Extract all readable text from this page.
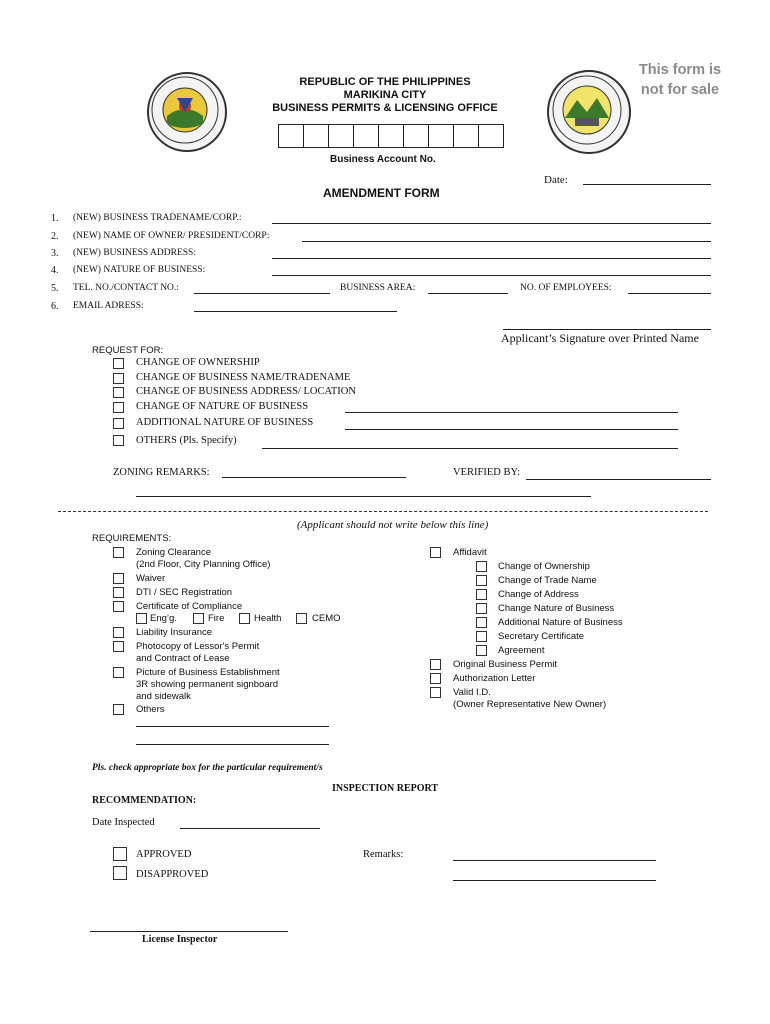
REPUBLIC OF THE PHILIPPINES
MARIKINA CITY
BUSINESS PERMITS & LICENSING OFFICE
This form is not for sale
Business Account No.
Date:
AMENDMENT FORM
1. (NEW) BUSINESS TRADENAME/CORP.:
2. (NEW) NAME OF OWNER/ PRESIDENT/CORP:
3. (NEW) BUSINESS ADDRESS:
4. (NEW) NATURE OF BUSINESS:
5. TEL. NO./CONTACT NO.:	BUSINESS AREA:	NO. OF EMPLOYEES:
6. EMAIL ADRESS:
Applicant’s Signature over Printed Name
REQUEST FOR:
CHANGE OF OWNERSHIP
CHANGE OF BUSINESS NAME/TRADENAME
CHANGE OF BUSINESS ADDRESS/ LOCATION
CHANGE OF NATURE OF BUSINESS
ADDITIONAL NATURE OF BUSINESS
OTHERS (Pls. Specify)
ZONING REMARKS:	VERIFIED BY:
(Applicant should not write below this line)
REQUIREMENTS:
Zoning Clearance
(2nd Floor, City Planning Office)
Waiver
DTI / SEC Registration
Certificate of Compliance
Eng’g.	Fire	Health	CEMO
Liability Insurance
Photocopy of Lessor's Permit
and Contract of Lease
Picture of Business Establishment
3R showing permanent signboard
and sidewalk
Others
Affidavit
Change of Ownership
Change of Trade Name
Change of Address
Change Nature of Business
Additional Nature of Business
Secretary Certificate
Agreement
Original Business Permit
Authorization Letter
Valid I.D.
(Owner Representative New Owner)
Pls. check appropriate box for the particular requirement/s
INSPECTION REPORT
RECOMMENDATION:
Date Inspected
APPROVED
DISAPPROVED
Remarks:
License Inspector
